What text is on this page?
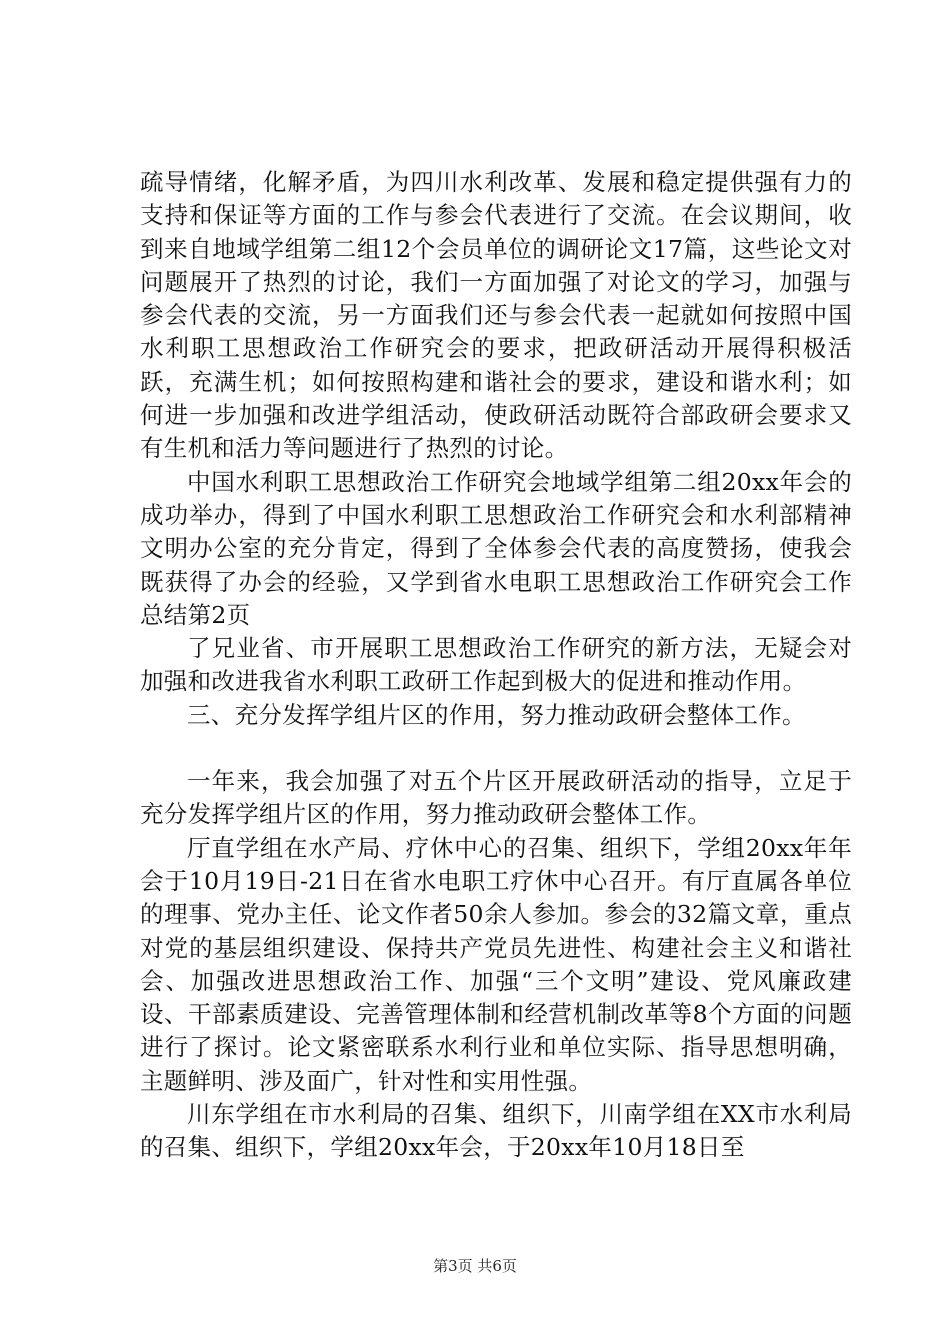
疏导情绪，化解矛盾，为四川水利改革、发展和稳定提供强有力的支持和保证等方面的工作与参会代表进行了交流。在会议期间，收到来自地域学组第二组12个会员单位的调研论文17篇，这些论文对问题展开了热烈的讨论，我们一方面加强了对论文的学习，加强与参会代表的交流，另一方面我们还与参会代表一起就如何按照中国水利职工思想政治工作研究会的要求，把政研活动开展得积极活跃，充满生机；如何按照构建和谐社会的要求，建设和谐水利；如何进一步加强和改进学组活动，使政研活动既符合部政研会要求又有生机和活力等问题进行了热烈的讨论。

中国水利职工思想政治工作研究会地域学组第二组20xx年会的成功举办，得到了中国水利职工思想政治工作研究会和水利部精神文明办公室的充分肯定，得到了全体参会代表的高度赞扬，使我会既获得了办会的经验，又学到省水电职工思想政治工作研究会工作总结第2页

了兄业省、市开展职工思想政治工作研究的新方法，无疑会对加强和改进我省水利职工政研工作起到极大的促进和推动作用。

三、充分发挥学组片区的作用，努力推动政研会整体工作。

一年来，我会加强了对五个片区开展政研活动的指导，立足于充分发挥学组片区的作用，努力推动政研会整体工作。

厅直学组在水产局、疗休中心的召集、组织下，学组20xx年年会于10月19日-21日在省水电职工疗休中心召开。有厅直属各单位的理事、党办主任、论文作者50余人参加。参会的32篇文章，重点对党的基层组织建设、保持共产党员先进性、构建社会主义和谐社会、加强改进思想政治工作、加强“三个文明”建设、党风廉政建设、干部素质建设、完善管理体制和经营机制改革等8个方面的问题进行了探讨。论文紧密联系水利行业和单位实际、指导思想明确，主题鲜明、涉及面广，针对性和实用性强。

川东学组在市水利局的召集、组织下，川南学组在XX市水利局的召集、组织下，学组20xx年会，于20xx年10月18日至

第3页 共6页
